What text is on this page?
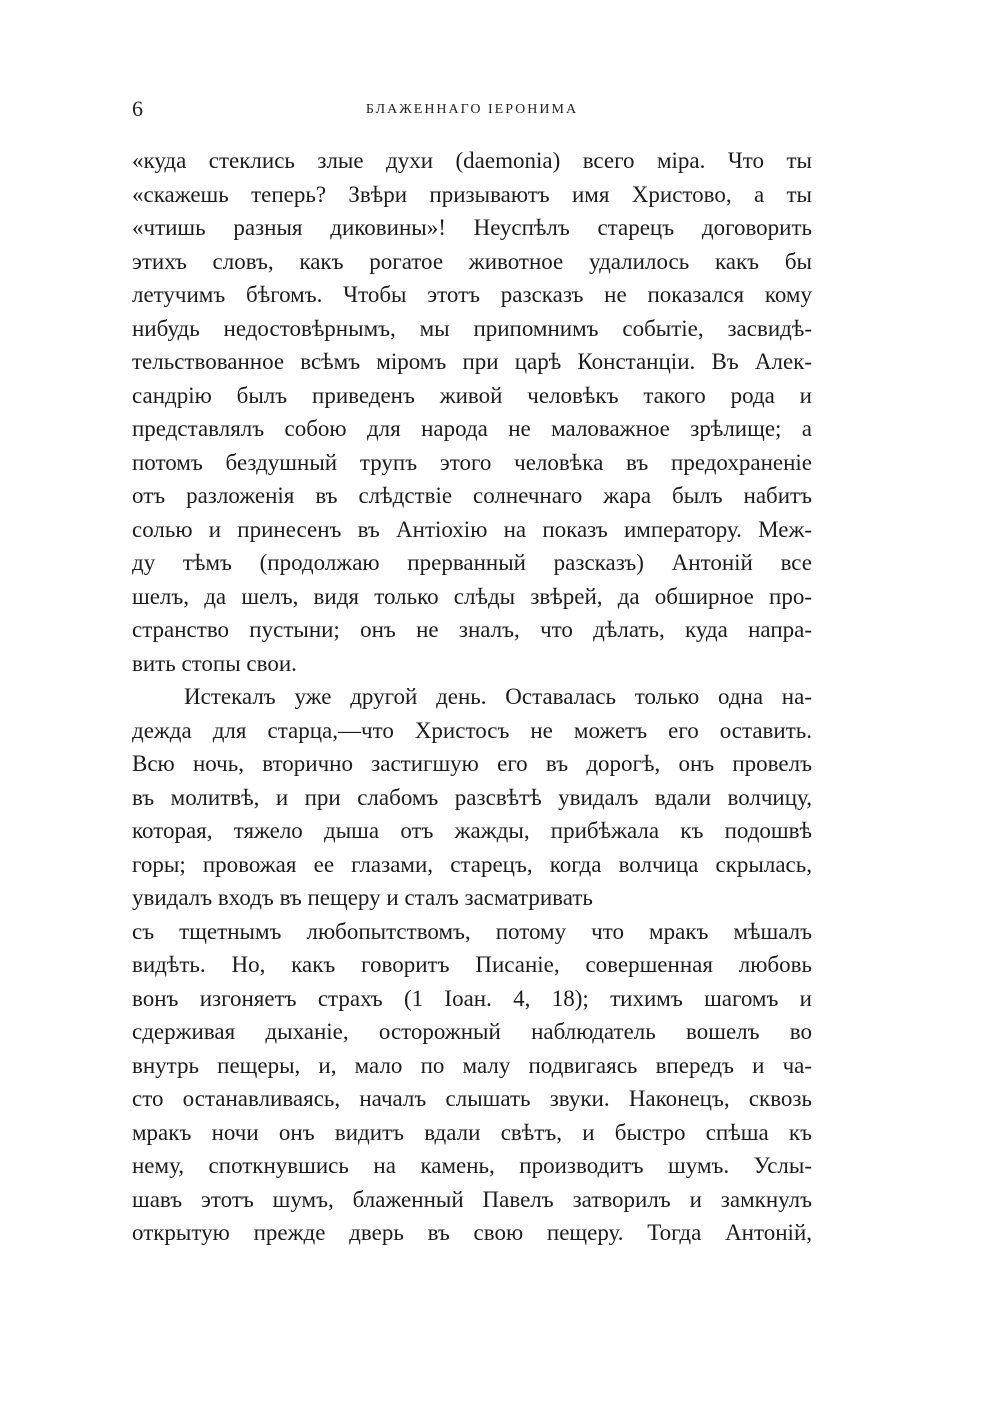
6	БЛАЖЕННАГО ІЕРОНИМА
«куда стеклись злые духи (daemonia) всего міра. Что ты
«скажешь теперь? Звѣри призываютъ имя Христово, а ты
«чтишь разныя диковины»! Неуспѣлъ старецъ договорить
этихъ словъ, какъ рогатое животное удалилось какъ бы
летучимъ бѣгомъ. Чтобы этотъ разсказъ не показался кому
нибудь недостовѣрнымъ, мы припомнимъ событіе, засвидѣ-
тельствованное всѣмъ міромъ при царѣ Констанціи. Въ Алек-
сандрію былъ приведенъ живой человѣкъ такого рода и
представлялъ собою для народа не маловажное зрѣлище; а
потомъ бездушный трупъ этого человѣка въ предохраненіе
отъ разложенія въ слѣдствіе солнечнаго жара былъ набитъ
солью и принесенъ въ Антіохію на показъ императору. Меж-
ду тѣмъ (продолжаю прерванный разсказъ) Антоній все
шелъ, да шелъ, видя только слѣды звѣрей, да обширное про-
странство пустыни; онъ не зналъ, что дѣлать, куда напра-
вить стопы свои.
Истекалъ уже другой день. Оставалась только одна на-
дежда для старца,—что Христосъ не можетъ его оставить.
Всю ночь, вторично застигшую его въ дорогѣ, онъ провелъ
въ молитвѣ, и при слабомъ разсвѣтѣ увидалъ вдали волчицу,
которая, тяжело дыша отъ жажды, прибѣжала къ подошвѣ
горы; провожая ее глазами, старецъ, когда волчица скрылась,
увидалъ входъ въ пещеру и сталъ засматривать
съ тщетнымъ любопытствомъ, потому что мракъ мѣшалъ
видѣть. Но, какъ говоритъ Писаніе, совершенная любовь
вонъ изгоняетъ страхъ (1 Іоан. 4, 18); тихимъ шагомъ и
сдерживая дыханіе, осторожный наблюдатель вошелъ во
внутрь пещеры, и, мало по малу подвигаясь впередъ и ча-
сто останавливаясь, началъ слышать звуки. Наконецъ, сквозь
мракъ ночи онъ видитъ вдали свѣтъ, и быстро спѣша къ
нему, споткнувшись на камень, производитъ шумъ. Услы-
шавъ этотъ шумъ, блаженный Павелъ затворилъ и замкнулъ
открытую прежде дверь въ свою пещеру. Тогда Антоній,
